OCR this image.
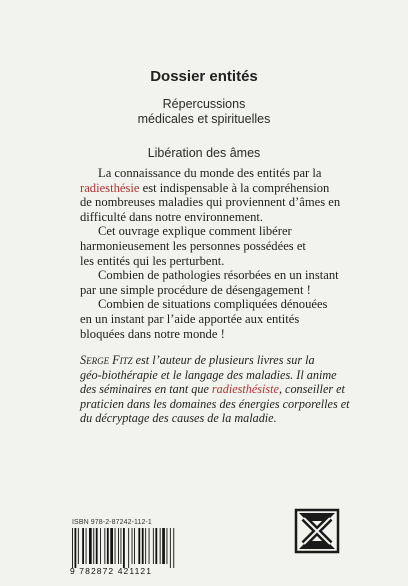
Dossier entités
Répercussions
médicales et spirituelles
Libération des âmes
La connaissance du monde des entités par la
radiesthésie est indispensable à la compréhension
de nombreuses maladies qui proviennent d’âmes en
difficulté dans notre environnement.
Cet ouvrage explique comment libérer
harmonieusement les personnes possédées et
les entités qui les perturbent.
Combien de pathologies résorbées en un instant
par une simple procédure de désengagement !
Combien de situations compliquées dénouées
en un instant par l’aide apportée aux entités
bloquées dans notre monde !
Serge Fitz est l’auteur de plusieurs livres sur la
géo-biothérapie et le langage des maladies. Il anime
des séminaires en tant que radiesthésiste, conseiller et
praticien dans les domaines des énergies corporelles et
du décryptage des causes de la maladie.
ISBN 978-2-87242-112-1
9 782872 421121
